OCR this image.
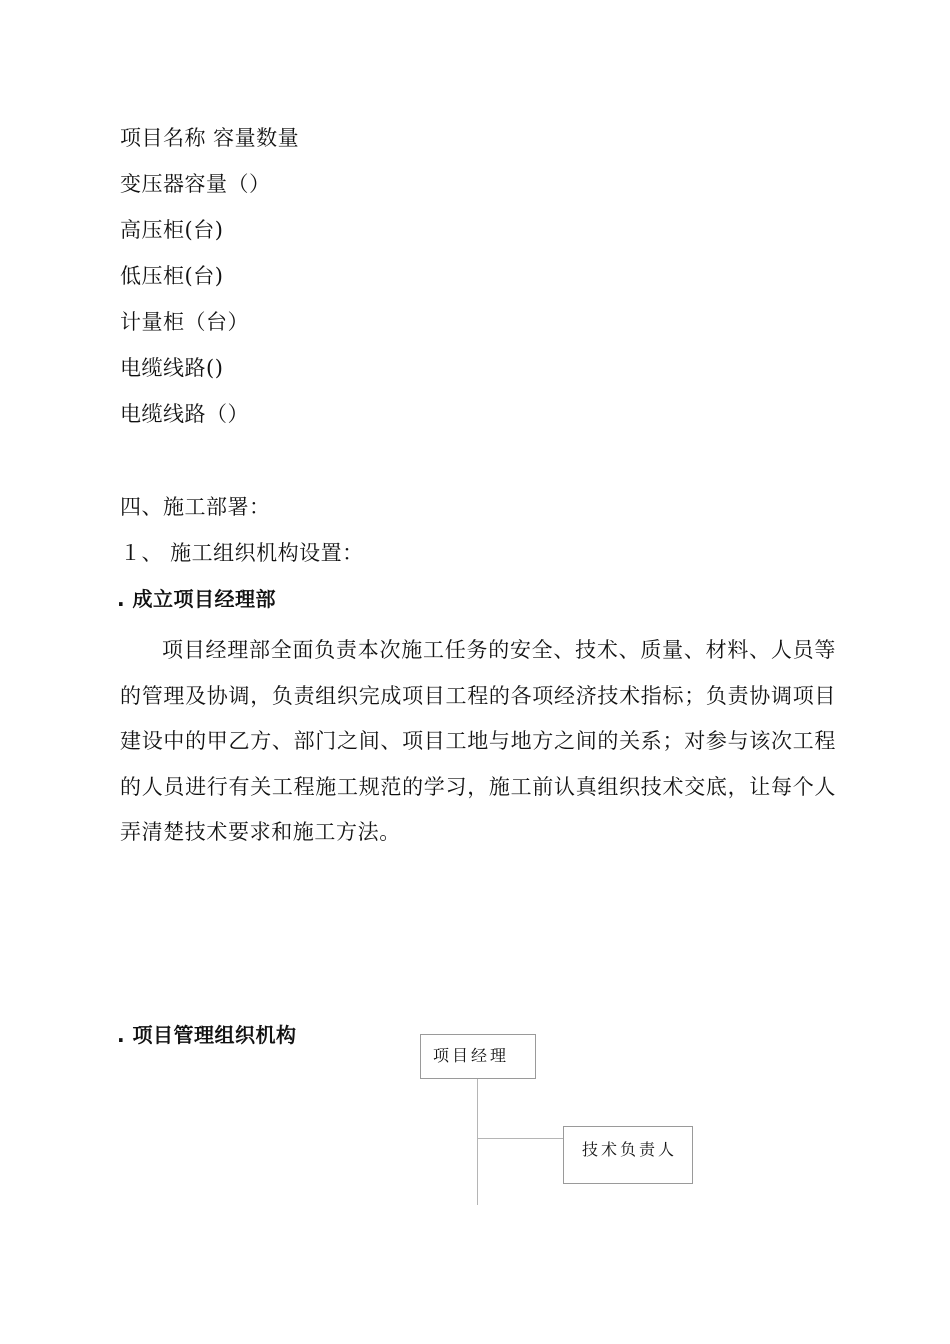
项目名称 容量数量
变压器容量（）
高压柜(台)
低压柜(台)
计量柜（台）
电缆线路()
电缆线路（）
四、施工部署：
１、 施工组织机构设置：
. 成立项目经理部

项目经理部全面负责本次施工任务的安全、技术、质量、材料、人员等的管理及协调，负责组织完成项目工程的各项经济技术指标；负责协调项目建设中的甲乙方、部门之间、项目工地与地方之间的关系；对参与该次工程的人员进行有关工程施工规范的学习，施工前认真组织技术交底，让每个人弄清楚技术要求和施工方法。

. 项目管理组织机构
项目经理
技术负责人
